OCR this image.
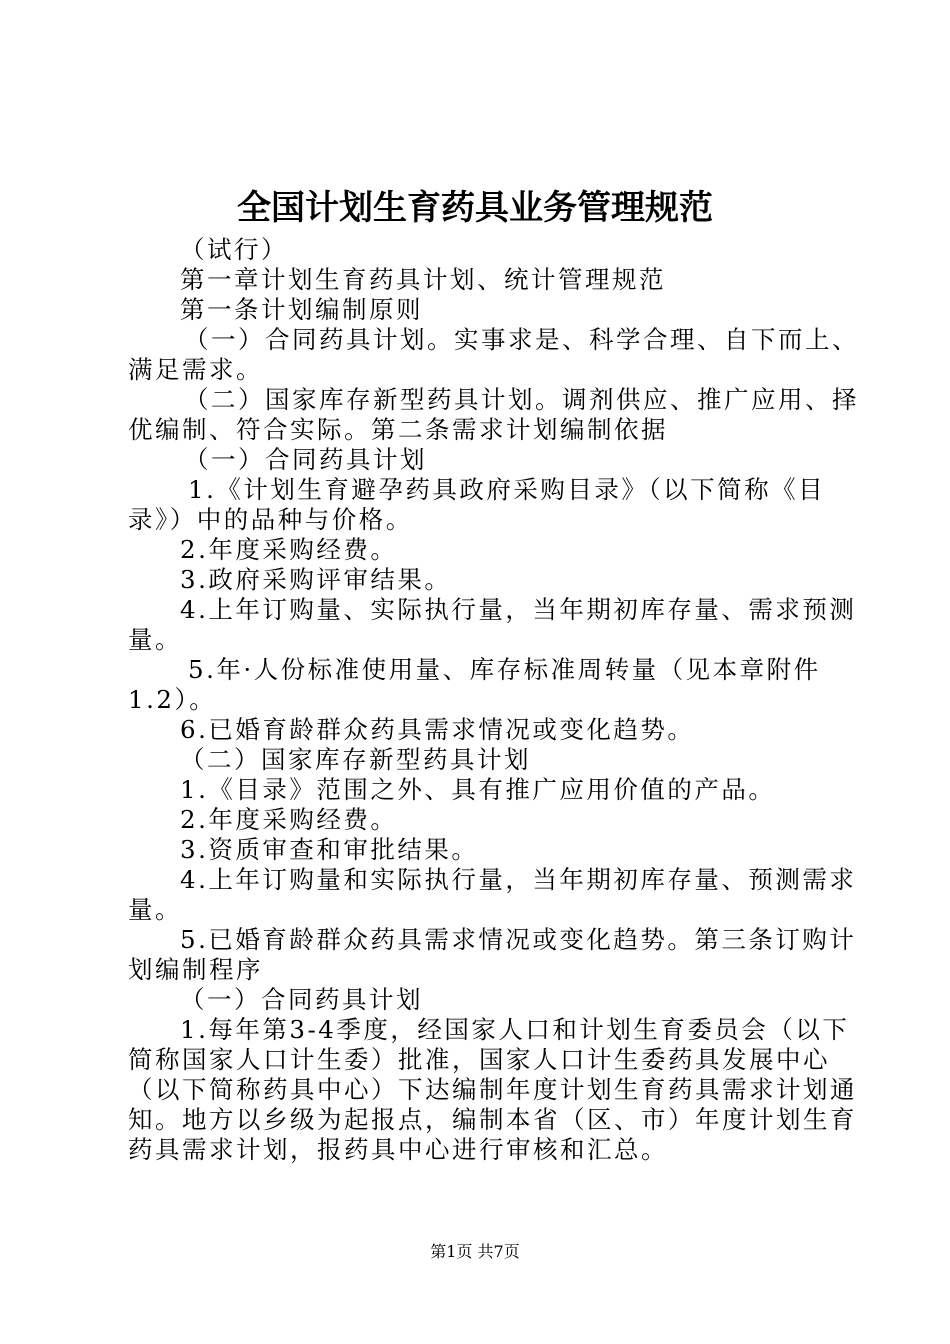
全国计划生育药具业务管理规范

（试行）

第一章计划生育药具计划、统计管理规范

第一条计划编制原则

（一）合同药具计划。实事求是、科学合理、自下而上、

满足需求。

（二）国家库存新型药具计划。调剂供应、推广应用、择

优编制、符合实际。第二条需求计划编制依据

（一）合同药具计划

1.《计划生育避孕药具政府采购目录》（以下简称《目

录》）中的品种与价格。

2.年度采购经费。

3.政府采购评审结果。

4.上年订购量、实际执行量，当年期初库存量、需求预测

量。

5.年·人份标准使用量、库存标准周转量（见本章附件

1.2）。

6.已婚育龄群众药具需求情况或变化趋势。

（二）国家库存新型药具计划

1.《目录》范围之外、具有推广应用价值的产品。

2.年度采购经费。

3.资质审查和审批结果。

4.上年订购量和实际执行量，当年期初库存量、预测需求

量。

5.已婚育龄群众药具需求情况或变化趋势。第三条订购计

划编制程序

（一）合同药具计划

1.每年第3-4季度，经国家人口和计划生育委员会（以下

简称国家人口计生委）批准，国家人口计生委药具发展中心

（以下简称药具中心）下达编制年度计划生育药具需求计划通

知。地方以乡级为起报点，编制本省（区、市）年度计划生育

药具需求计划，报药具中心进行审核和汇总。

第1页 共7页
